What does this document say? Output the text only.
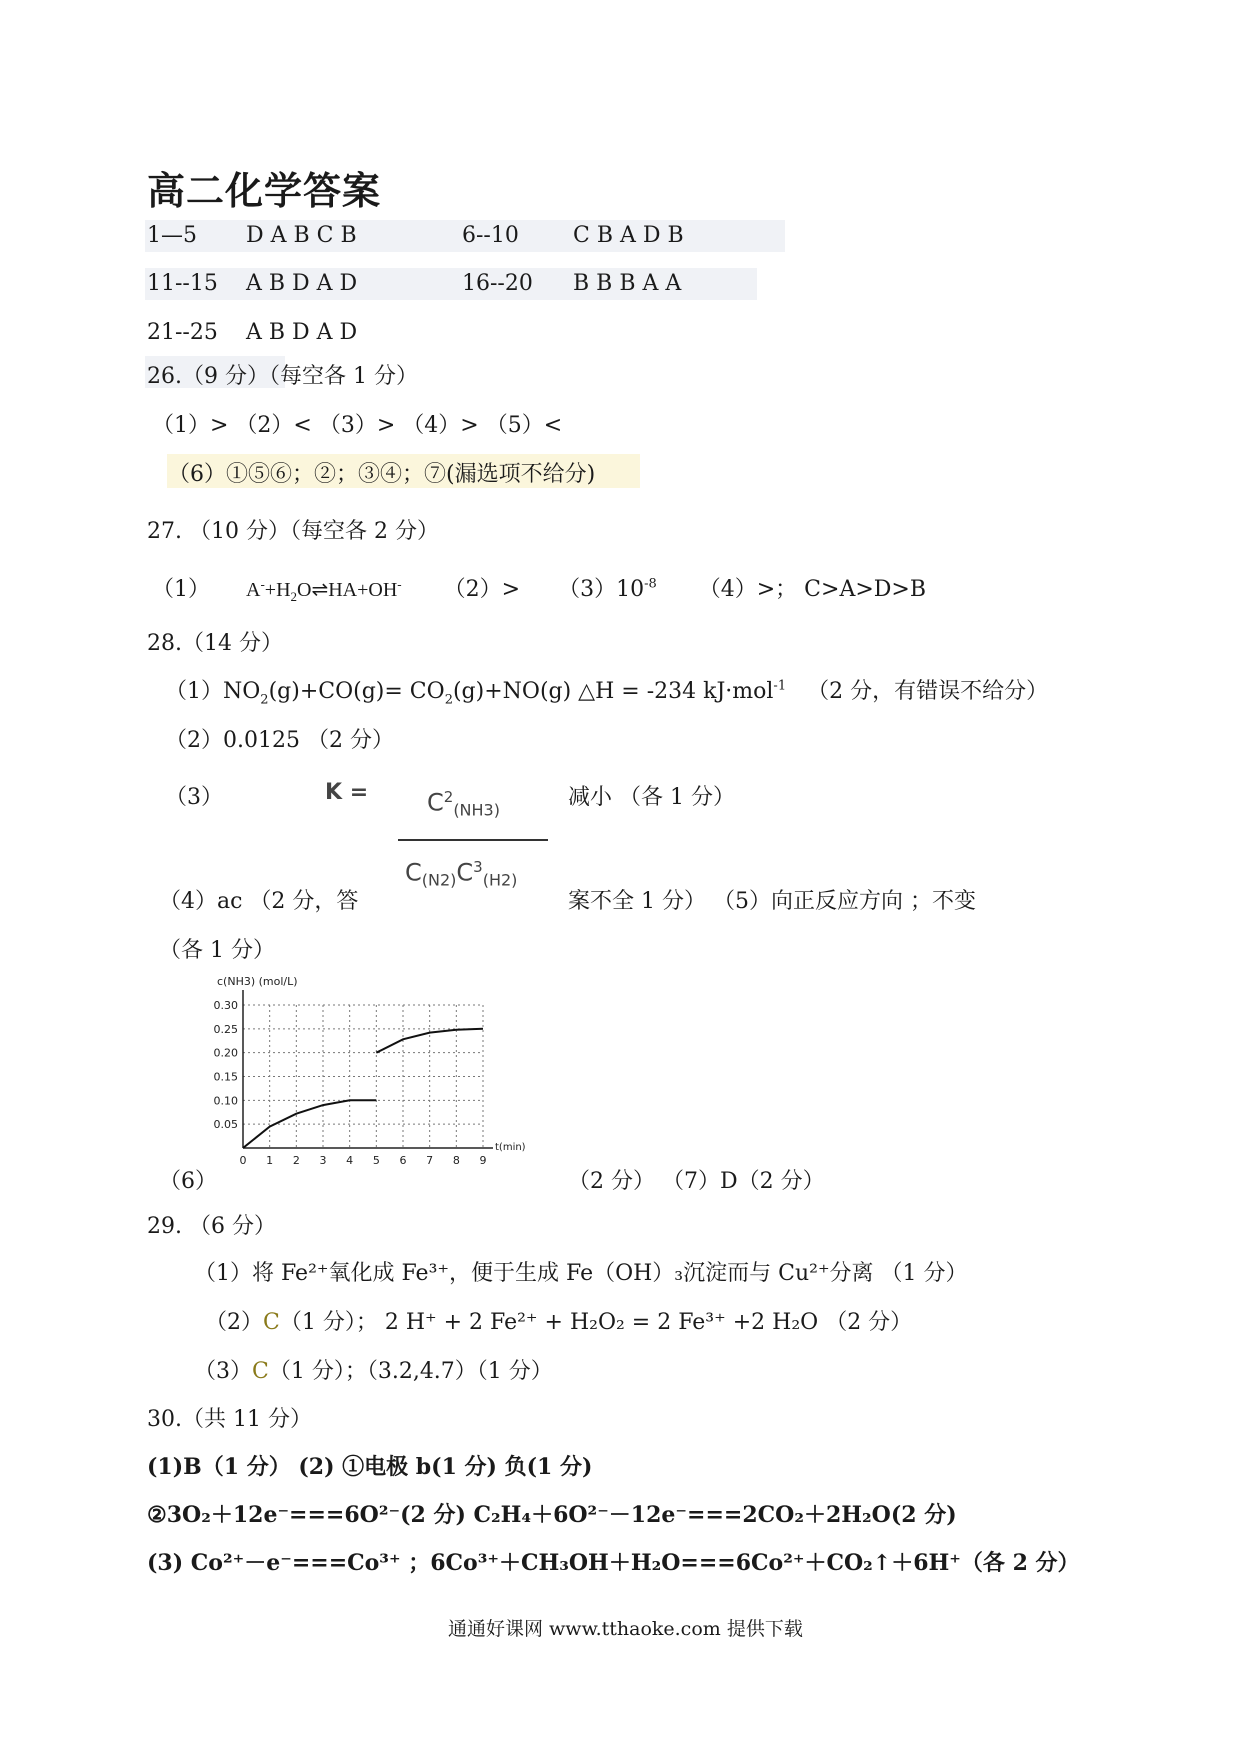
高二化学答案
1—5 D A B C B	6--10 C B A D B
11--15 A B D A D	16--20 B B B A A
21--25 A B D A D
26.（9 分）（每空各 1 分）
（1）> （2）< （3）> （4）> （5）<
（6）①⑤⑥；②；③④；⑦(漏选项不给分)
27. （10 分）（每空各 2 分）
（1） $A^-+H_2O\rightleftharpoons HA+OH^-$ $(2)> (3)10^{-8}$ （4）>； C>A>D>B
28.（14 分）
$(1)NO_2(g)+CO(g)= CO_2(g)+NO(g)$ △H = -234 kJ·mol$^{-1}$ （2 分，有错误不给分）
（2）0.0125 （2 分）
（3）	$K = C^2_{(NH3)}$
$C_{(N2)}C^3_{(H2)}$
减小 （各 1 分）
（4）ac （2 分，答	案不全 1 分） （5）向正反应方向 ；不变
（各 1 分）
0 1 2 3 4 5 6 7 8 9
0.05
0.10
0.15
0.20
0.25
0.30
c(NH3) (mol/L)
t(min)
（6）	（2 分） （7）D（2 分）
29. （6 分）
（1）将 Fe²⁺氧化成 Fe³⁺，便于生成 Fe（OH）₃沉淀而与 Cu²⁺分离 （1 分）
（2）C（1 分）； 2 H⁺ + 2 Fe²⁺ + H₂O₂ = 2 Fe³⁺ +2 H₂O （2 分）
（3）C（1 分）；（3.2,4.7）（1 分）
30.（共 11 分）
(1)B（1 分） (2) ①电极 b(1 分) 负(1 分)
②3O₂＋12e⁻===6O²⁻(2 分) C₂H₄＋6O²⁻－12e⁻===2CO₂＋2H₂O(2 分)
(3) Co²⁺－e⁻===Co³⁺ ；6Co³⁺＋CH₃OH＋H₂O===6Co²⁺＋CO₂↑＋6H⁺（各 2 分）
通通好课网 www.tthaoke.com 提供下载
